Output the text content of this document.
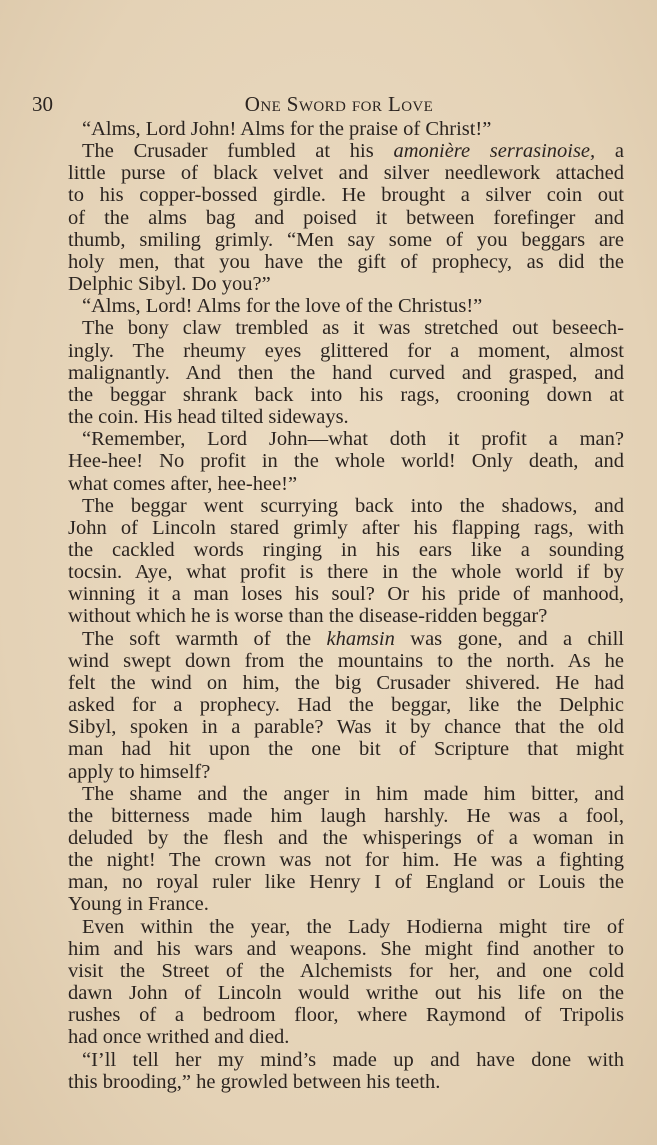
30	One Sword for Love

“Alms, Lord John! Alms for the praise of Christ!”

The Crusader fumbled at his amonière serrasinoise, a
little purse of black velvet and silver needlework attached
to his copper-bossed girdle. He brought a silver coin out
of the alms bag and poised it between forefinger and
thumb, smiling grimly. “Men say some of you beggars are
holy men, that you have the gift of prophecy, as did the
Delphic Sibyl. Do you?”

“Alms, Lord! Alms for the love of the Christus!”

The bony claw trembled as it was stretched out beseech-
ingly. The rheumy eyes glittered for a moment, almost
malignantly. And then the hand curved and grasped, and
the beggar shrank back into his rags, crooning down at
the coin. His head tilted sideways.

“Remember, Lord John—what doth it profit a man?
Hee-hee! No profit in the whole world! Only death, and
what comes after, hee-hee!”

The beggar went scurrying back into the shadows, and
John of Lincoln stared grimly after his flapping rags, with
the cackled words ringing in his ears like a sounding
tocsin. Aye, what profit is there in the whole world if by
winning it a man loses his soul? Or his pride of manhood,
without which he is worse than the disease-ridden beggar?

The soft warmth of the khamsin was gone, and a chill
wind swept down from the mountains to the north. As he
felt the wind on him, the big Crusader shivered. He had
asked for a prophecy. Had the beggar, like the Delphic
Sibyl, spoken in a parable? Was it by chance that the old
man had hit upon the one bit of Scripture that might
apply to himself?

The shame and the anger in him made him bitter, and
the bitterness made him laugh harshly. He was a fool,
deluded by the flesh and the whisperings of a woman in
the night! The crown was not for him. He was a fighting
man, no royal ruler like Henry I of England or Louis the
Young in France.

Even within the year, the Lady Hodierna might tire of
him and his wars and weapons. She might find another to
visit the Street of the Alchemists for her, and one cold
dawn John of Lincoln would writhe out his life on the
rushes of a bedroom floor, where Raymond of Tripolis
had once writhed and died.

“I’ll tell her my mind’s made up and have done with
this brooding,” he growled between his teeth.
